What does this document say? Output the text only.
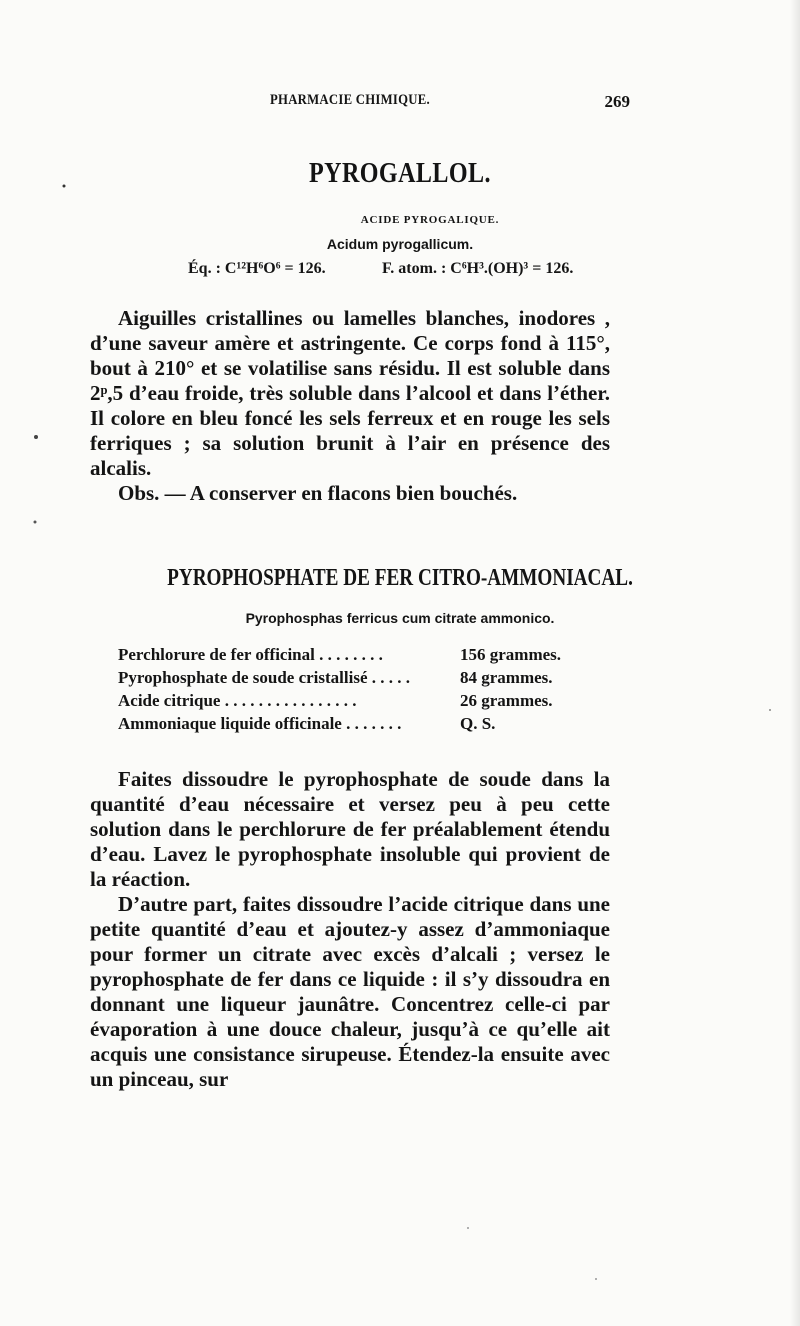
PHARMACIE CHIMIQUE.	269
PYROGALLOL.
ACIDE PYROGALIQUE.
Acidum pyrogallicum.
Éq. : C¹²H⁶O⁶ = 126.	F. atom. : C⁶H³.(OH)³ = 126.

Aiguilles cristallines ou lamelles blanches, inodores , d’une saveur amère et astringente. Ce corps fond à 115°, bout à 210° et se volatilise sans résidu. Il est soluble dans 2ᵖ,5 d’eau froide, très soluble dans l’alcool et dans l’éther. Il colore en bleu foncé les sels ferreux et en rouge les sels ferriques ; sa solution brunit à l’air en présence des alcalis.

Obs. — A conserver en flacons bien bouchés.

PYROPHOSPHATE DE FER CITRO-AMMONIACAL.
Pyrophosphas ferricus cum citrate ammonico.
Perchlorure de fer officinal . . . . . . . .	156 grammes.
Pyrophosphate de soude cristallisé . . . . .	84 grammes.
Acide citrique . . . . . . . . . . . . . . . .	26 grammes.
Ammoniaque liquide officinale . . . . . . .	Q. S.

Faites dissoudre le pyrophosphate de soude dans la quantité d’eau nécessaire et versez peu à peu cette solution dans le perchlorure de fer préalablement étendu d’eau. Lavez le pyrophosphate insoluble qui provient de la réaction.

D’autre part, faites dissoudre l’acide citrique dans une petite quantité d’eau et ajoutez-y assez d’ammoniaque pour former un citrate avec excès d’alcali ; versez le pyrophosphate de fer dans ce liquide : il s’y dissoudra en donnant une liqueur jaunâtre. Concentrez celle-ci par évaporation à une douce chaleur, jusqu’à ce qu’elle ait acquis une consistance sirupeuse. Étendez-la ensuite avec un pinceau, sur
